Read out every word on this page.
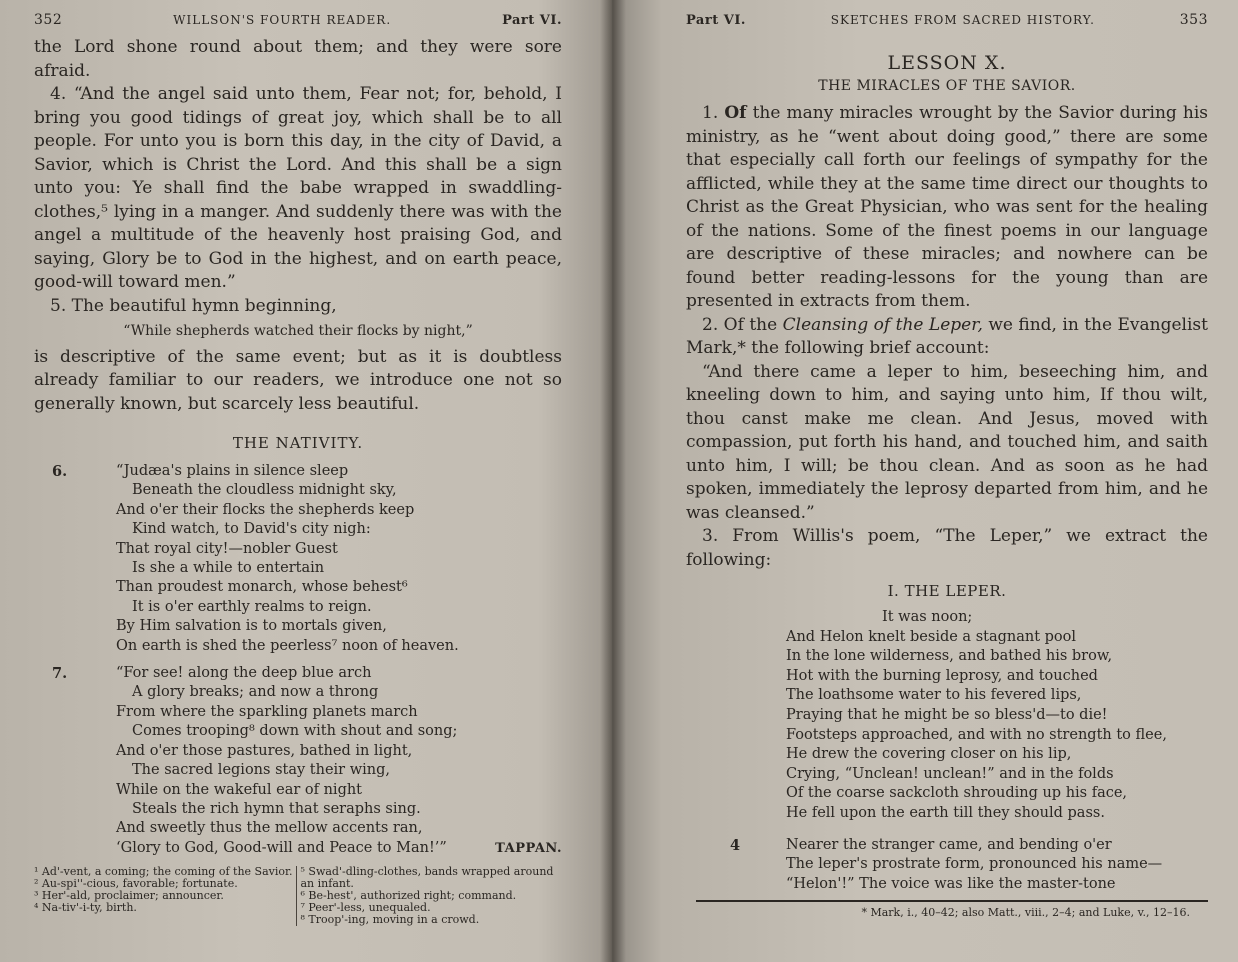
352	WILLSON'S FOURTH READER.	Part VI.

the Lord shone round about them; and they were sore afraid.

4. “And the angel said unto them, Fear not; for, behold, I bring you good tidings of great joy, which shall be to all people. For unto you is born this day, in the city of David, a Savior, which is Christ the Lord. And this shall be a sign unto you: Ye shall find the babe wrapped in swaddling-clothes,⁵ lying in a manger. And suddenly there was with the angel a multitude of the heavenly host praising God, and saying, Glory be to God in the highest, and on earth peace, good-will toward men.”

5. The beautiful hymn beginning,

“While shepherds watched their flocks by night,”

is descriptive of the same event; but as it is doubtless already familiar to our readers, we introduce one not so generally known, but scarcely less beautiful.

THE NATIVITY.
6.	“Judæa's plains in silence sleep
Beneath the cloudless midnight sky,
And o'er their flocks the shepherds keep
Kind watch, to David's city nigh:
That royal city!—nobler Guest
Is she a while to entertain
Than proudest monarch, whose behest⁶
It is o'er earthly realms to reign.
By Him salvation is to mortals given,
On earth is shed the peerless⁷ noon of heaven.
7.	“For see! along the deep blue arch
A glory breaks; and now a throng
From where the sparkling planets march
Comes trooping⁸ down with shout and song;
And o'er those pastures, bathed in light,
The sacred legions stay their wing,
While on the wakeful ear of night
Steals the rich hymn that seraphs sing.
And sweetly thus the mellow accents ran,
‘Glory to God, Good-will and Peace to Man!’”	TAPPAN.

¹ Ad'-vent, a coming; the coming of the Savior.

² Au-spi''-cious, favorable; fortunate.

³ Her'-ald, proclaimer; announcer.

⁴ Na-tiv'-i-ty, birth.

⁵ Swad'-dling-clothes, bands wrapped around an infant.

⁶ Be-hest', authorized right; command.

⁷ Peer'-less, unequaled.

⁸ Troop'-ing, moving in a crowd.

Part VI.	SKETCHES FROM SACRED HISTORY.	353
LESSON X.
THE MIRACLES OF THE SAVIOR.

1. Of the many miracles wrought by the Savior during his ministry, as he “went about doing good,” there are some that especially call forth our feelings of sympathy for the afflicted, while they at the same time direct our thoughts to Christ as the Great Physician, who was sent for the healing of the nations. Some of the finest poems in our language are descriptive of these miracles; and nowhere can be found better reading-lessons for the young than are presented in extracts from them.

2. Of the Cleansing of the Leper, we find, in the Evangelist Mark,* the following brief account:

“And there came a leper to him, beseeching him, and kneeling down to him, and saying unto him, If thou wilt, thou canst make me clean. And Jesus, moved with compassion, put forth his hand, and touched him, and saith unto him, I will; be thou clean. And as soon as he had spoken, immediately the leprosy departed from him, and he was cleansed.”

3. From Willis's poem, “The Leper,” we extract the following:

I. THE LEPER.
It was noon;
And Helon knelt beside a stagnant pool
In the lone wilderness, and bathed his brow,
Hot with the burning leprosy, and touched
The loathsome water to his fevered lips,
Praying that he might be so bless'd—to die!
Footsteps approached, and with no strength to flee,
He drew the covering closer on his lip,
Crying, “Unclean! unclean!” and in the folds
Of the coarse sackcloth shrouding up his face,
He fell upon the earth till they should pass.
4	Nearer the stranger came, and bending o'er
The leper's prostrate form, pronounced his name—
“Helon'!” The voice was like the master-tone
* Mark, i., 40–42; also Matt., viii., 2–4; and Luke, v., 12–16.
